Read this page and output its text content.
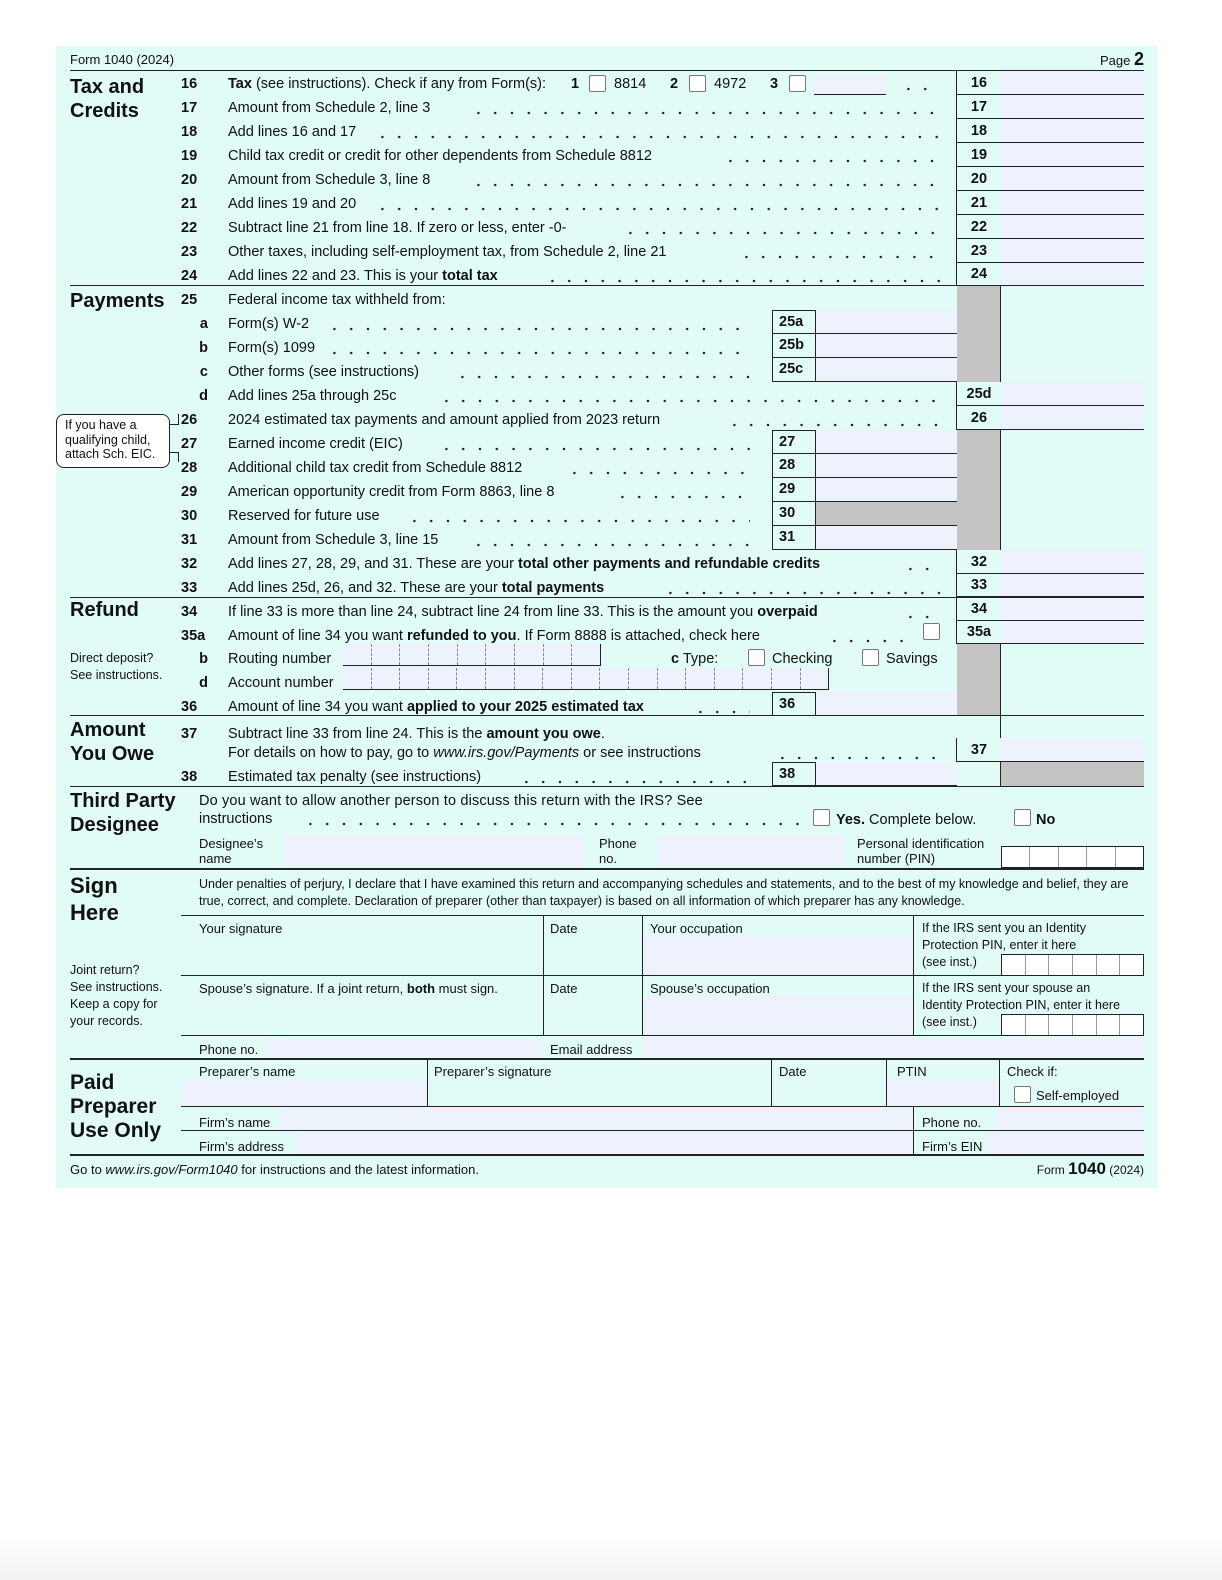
Form 1040 (2024)	Page 2
Tax and
Credits
Payments
Refund
Amount
You Owe
Third Party
Designee
Sign
Here
Paid
Preparer
Use Only
16	Tax (see instructions). Check if any from Form(s): 1 8814 2 4972 3	16
17	Amount from Schedule 2, line 3	17
18	Add lines 16 and 17	18
19	Child tax credit or credit for other dependents from Schedule 8812	19
20	Amount from Schedule 3, line 8	20
21	Add lines 19 and 20	21
22	Subtract line 21 from line 18. If zero or less, enter -0-	22
23	Other taxes, including self-employment tax, from Schedule 2, line 21	23
24	Add lines 22 and 23. This is your total tax	24
25	Federal income tax withheld from:
a Form(s) W-2	25a
b Form(s) 1099	25b
c Other forms (see instructions)	25c
d Add lines 25a through 25c	25d
26	2024 estimated tax payments and amount applied from 2023 return	26
If you have a
qualifying child,
attach Sch. EIC.
27	Earned income credit (EIC)	27
28	Additional child tax credit from Schedule 8812	28
29	American opportunity credit from Form 8863, line 8	29
30	Reserved for future use	30
31	Amount from Schedule 3, line 15	31
32	Add lines 27, 28, 29, and 31. These are your total other payments and refundable credits	32
33	Add lines 25d, 26, and 32. These are your total payments	33
34	If line 33 is more than line 24, subtract line 24 from line 33. This is the amount you overpaid	34
35a	Amount of line 34 you want refunded to you. If Form 8888 is attached, check here	35a
Direct deposit?
See instructions.
b Routing number	c Type:	Checking	Savings
d Account number
36	Amount of line 34 you want applied to your 2025 estimated tax	36
37	Subtract line 33 from line 24. This is the amount you owe.
For details on how to pay, go to www.irs.gov/Payments or see instructions	37
38	Estimated tax penalty (see instructions)	38
Do you want to allow another person to discuss this return with the IRS? See
instructions	Yes. Complete below.	No
Designee’s
name
Phone
no.
Personal identification
number (PIN)
Under penalties of perjury, I declare that I have examined this return and accompanying schedules and statements, and to the best of my knowledge and belief, they are true, correct, and complete. Declaration of preparer (other than taxpayer) is based on all information of which preparer has any knowledge.
Your signature	Date	Your occupation	If the IRS sent you an Identity
Protection PIN, enter it here
(see inst.)
Joint return?
See instructions.
Keep a copy for
your records.
Spouse’s signature. If a joint return, both must sign.	Date	Spouse’s occupation	If the IRS sent your spouse an
Identity Protection PIN, enter it here
(see inst.)
Phone no.	Email address
Preparer’s name	Preparer’s signature	Date	PTIN	Check if:
Self-employed
Firm’s name	Phone no.
Firm’s address	Firm’s EIN
Go to www.irs.gov/Form1040 for instructions and the latest information.	Form 1040 (2024)
